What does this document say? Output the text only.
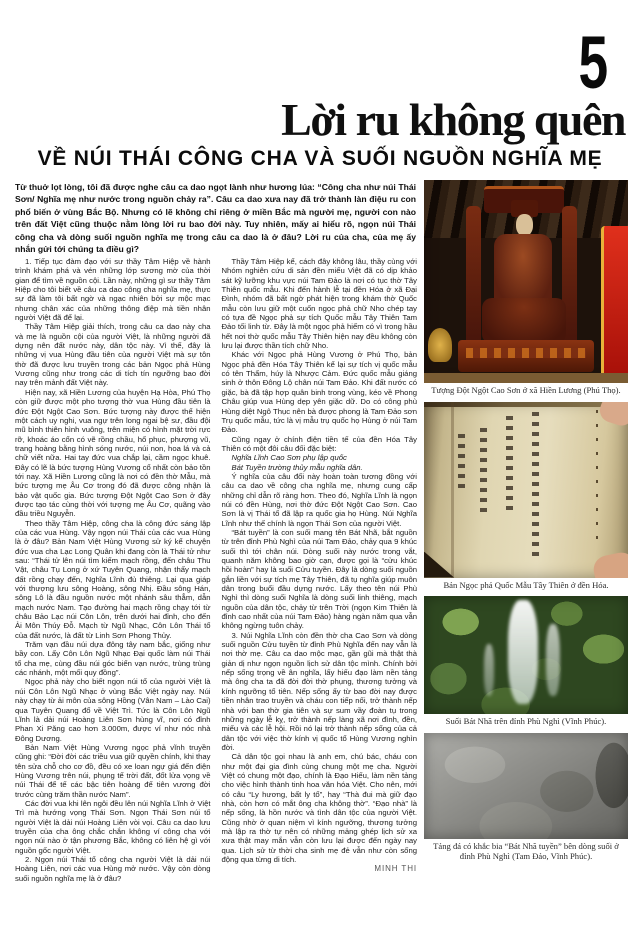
5
Lời ru không quên
VỀ NÚI THÁI CÔNG CHA VÀ SUỐI NGUỒN NGHĨA MẸ

Từ thuở lọt lòng, tôi đã được nghe câu ca dao ngọt lành như hương lúa: “Công cha như núi Thái Sơn/ Nghĩa mẹ như nước trong nguồn chảy ra”. Câu ca dao xưa nay đã trở thành làn điệu ru con phổ biến ở vùng Bắc Bộ. Nhưng có lẽ không chỉ riêng ở miền Bắc mà người mẹ, người con nào trên đất Việt cũng thuộc nằm lòng lời ru bao đời này. Tuy nhiên, mấy ai hiểu rõ, ngọn núi Thái công cha và dòng suối nguồn nghĩa mẹ trong câu ca dao là ở đâu? Lời ru của cha, của mẹ ấy nhắn gửi tới chúng ta điều gì?

1. Tiếp tục đàm đạo với sư thầy Tâm Hiệp về hành trình khám phá và vén những lớp sương mờ của thời gian để tìm về nguồn cội. Lần này, những gì sư thầy Tâm Hiệp cho tôi biết về câu ca dao công cha nghĩa mẹ, thực sự đã làm tôi bất ngờ và ngạc nhiên bởi sự mộc mạc nhưng chân xác của những thông điệp mà tiền nhân người Việt đã để lại.

Thầy Tâm Hiệp giải thích, trong câu ca dao này cha và mẹ là nguồn cội của người Việt, là những người đã dựng nên đất nước này, dân tộc này. Vì thế, đây là những vị vua Hùng đầu tiên của người Việt mà sự tôn thờ đã được lưu truyền trong các bản Ngọc phả Hùng Vương cũng như trong các di tích tín ngưỡng bao đời nay trên mảnh đất Việt này.

Hiện nay, xã Hiền Lương của huyện Hạ Hòa, Phú Thọ còn giữ được một pho tượng thờ vua Hùng đầu tiên là đức Đột Ngột Cao Sơn. Bức tượng này được thể hiện một cách uy nghi, vua ngự trên long ngai bệ sư, đầu đội mũ bình thiên hình vuông, trên miện có hình mặt trời rực rỡ, khoác áo cổn có vẽ rồng chầu, hổ phục, phượng vũ, trang hoàng bằng hình sóng nước, núi non, hoa lá và cả chữ viết nữa. Hai tay đức vua chắp lại, cầm ngọc khuê. Đây có lẽ là bức tượng Hùng Vương cổ nhất còn bảo tồn tới nay. Xã Hiền Lương cũng là nơi có đền thờ Mẫu, mà bức tượng mẹ Âu Cơ trong đó đã được công nhận là bảo vật quốc gia. Bức tượng Đột Ngột Cao Sơn ở đây được tạo tác cùng thời với tượng mẹ Âu Cơ, quãng vào đầu triều Nguyễn.

Theo thầy Tâm Hiệp, công cha là công đức sáng lập của các vua Hùng. Vậy ngọn núi Thái của các vua Hùng là ở đâu? Bản Nam Việt Hùng Vương sử ký kể chuyện đức vua cha Lạc Long Quân khi đang còn là Thái tử như sau: “Thái tử lên núi tìm kiếm mạch rồng, đến châu Thu Vật, châu Tụ Long ở xứ Tuyên Quang, nhận thấy mạch đất rồng chạy đến, Nghĩa Lĩnh đủ thiêng. Lại qua giáp với thượng lưu sông Hoàng, sông Nhị. Đầu sông Hán, sông Lô là đầu nguồn nước một nhánh sâu thẳm, dẫn mạch nước Nam. Tạo đường hai mạch rồng chạy tới từ châu Bảo Lạc núi Côn Lôn, trên dưới hai đỉnh, cho đến Ải Môn Thúy Đỗ. Mạch từ Ngũ Nhạc, Côn Lôn Thái tổ của đất nước, là đất từ Linh Sơn Phong Thủy.

Trăm vạn đầu núi dựa đông tây nam bắc, giống như bầy con. Lấy Côn Lôn Ngũ Nhạc Đại quốc làm núi Thái tổ cha mẹ, cùng đầu núi góc biển vạn nước, trùng trùng các nhánh, một mối quy đồng”.

Ngọc phả này cho biết ngọn núi tổ của người Việt là núi Côn Lôn Ngũ Nhạc ở vùng Bắc Việt ngày nay. Núi này chạy từ ải môn của sông Hồng (Vân Nam – Lào Cai) qua Tuyên Quang đổ về Việt Trì. Tức là Côn Lôn Ngũ Lĩnh là dải núi Hoàng Liên Sơn hùng vĩ, nơi có đỉnh Phan Xi Păng cao hơn 3.000m, được ví như nóc nhà Đông Dương.

Bản Nam Việt Hùng Vương ngọc phả vĩnh truyền cũng ghi: “Đời đời các triều vua giữ quyền chính, khi thay tên sửa chỗ cho cơ đồ, đều có xe loan ngự giá đến điện Hùng Vương trên núi, phụng tế trời đất, đốt lửa vọng về núi Thái để tế các bậc tiên hoàng đế tiên vương đời trước cùng trăm thần nước Nam”.

Các đời vua khi lên ngôi đều lên núi Nghĩa Lĩnh ở Việt Trì mà hướng vọng Thái Sơn. Ngọn Thái Sơn núi tổ người Việt là dải núi Hoàng Liên vòi vọi. Câu ca dao lưu truyền của cha ông chắc chắn không ví công cha với ngọn núi nào ở tận phương Bắc, không có liên hệ gì với nguồn gốc người Việt.

2. Ngọn núi Thái tổ công cha người Việt là dải núi Hoàng Liên, nơi các vua Hùng mở nước. Vậy còn dòng suối nguồn nghĩa mẹ là ở đâu?

Thầy Tâm Hiệp kể, cách đây không lâu, thầy cùng với Nhóm nghiên cứu di sản đền miếu Việt đã có dịp khảo sát kỹ lưỡng khu vực núi Tam Đảo là nơi có tục thờ Tây Thiên quốc mẫu. Khi đến hành lễ tại đền Hóa ở xã Đại Đình, nhóm đã bất ngờ phát hiện trong khám thờ Quốc mẫu còn lưu giữ một cuốn ngọc phả chữ Nho chép tay có tựa đề Ngọc phả sự tích Quốc mẫu Tây Thiên Tam Đảo tối linh từ. Đây là một ngọc phả hiếm có vì trong hầu hết nơi thờ quốc mẫu Tây Thiên hiện nay đều không còn lưu lại được thần tích chữ Nho.

Khác với Ngọc phả Hùng Vương ở Phú Thọ, bản Ngọc phả đền Hóa Tây Thiên kể lại sự tích vị quốc mẫu có tên Thẩm, húy là Nhược Cảm. Đức quốc mẫu giáng sinh ở thôn Đông Lộ chân núi Tam Đảo. Khi đất nước có giặc, bà đã tập hợp quân binh trong vùng, kéo về Phong Châu giúp vua Hùng dẹp yên giặc dữ. Do có công phù Hùng diệt Ngô Thục nên bà được phong là Tam Đảo sơn Trụ quốc mẫu, tức là vị mẫu trụ quốc họ Hùng ở núi Tam Đảo.

Cũng ngay ở chính điện tiền tế của đền Hóa Tây Thiên có một đôi câu đối đặc biệt:

Nghĩa Lĩnh Cao Sơn phụ lập quốc

Bát Tuyền trường thủy mẫu nghĩa dân.

Ý nghĩa của câu đối này hoàn toàn tương đồng với câu ca dao về công cha nghĩa mẹ, nhưng cung cấp những chỉ dẫn rõ ràng hơn. Theo đó, Nghĩa Lĩnh là ngọn núi có đền Hùng, nơi thờ đức Đột Ngột Cao Sơn. Cao Sơn là vị Thái tổ đã lập ra quốc gia họ Hùng. Núi Nghĩa Lĩnh như thế chính là ngọn Thái Sơn của người Việt.

“Bát tuyền” là con suối mang tên Bát Nhã, bắt nguồn từ trên đỉnh Phù Nghì của núi Tam Đảo, chảy qua 9 khúc suối thì tới chân núi. Dòng suối này nước trong vắt, quanh năm không bao giờ cạn, được gọi là “cửu khúc hồi hoàn” hay là suối Cửu tuyền. Đây là dòng suối nguồn gắn liền với sự tích mẹ Tây Thiên, đã tụ nghĩa giúp muôn dân trong buổi đầu dựng nước. Lấy theo tên núi Phù Nghì thì dòng suối Nghĩa là dòng suối linh thiêng, mạch nguồn của dân tộc, chảy từ trên Trời (ngọn Kim Thiên là đỉnh cao nhất của núi Tam Đảo) hàng ngàn năm qua vẫn không ngừng tuôn chảy.

3. Núi Nghĩa Lĩnh còn đền thờ cha Cao Sơn và dòng suối nguồn Cửu tuyền từ đỉnh Phù Nghĩa đến nay vẫn là nơi thờ mẹ. Câu ca dao mộc mạc, gần gũi mà thật thà giản dị như ngọn nguồn lịch sử dân tộc mình. Chính bởi nếp sống trọng về ân nghĩa, lấy hiếu đạo làm nền tảng mà ông cha ta đã đời đời thờ phụng, thương tưởng và kính ngưỡng tổ tiên. Nếp sống ấy từ bao đời nay được tiền nhân trao truyền và cháu con tiếp nối, trở thành nếp nhà với ban thờ gia tiên và sự sum vầy đoàn tụ trong những ngày lễ kỵ, trở thành nếp làng xã nơi đình, đền, miếu và các lễ hội. Rồi nó lại trở thành nếp sống của cả dân tộc với việc thờ kính vị quốc tổ Hùng Vương nghìn đời.

Cả dân tộc gọi nhau là anh em, chú bác, cháu con như một đại gia đình cùng chung một mẹ cha. Người Việt có chung một đạo, chính là Đạo Hiếu, làm nền tảng cho việc hình thành tinh hoa văn hóa Việt. Cho nên, mới có câu “Ly hương, bất ly tổ”, hay “Thà đui mà giữ đạo nhà, còn hơn có mắt ông cha không thờ”. “Đạo nhà” là nếp sống, là hồn nước và tình dân tộc của người Việt. Cũng nhờ ở quan niệm vì kính ngưỡng, thương tưởng mà lập ra thờ tự nên có những mảng ghép lịch sử xa xưa thật may mắn vẫn còn lưu lại được đến ngày nay qua. Lịch sử từ thời cha sinh mẹ đẻ vẫn như còn sống động qua từng di tích.

MINH THI

Tượng Đột Ngột Cao Sơn ở xã Hiền Lương (Phú Thọ).
Bản Ngọc phả Quốc Mẫu Tây Thiên ở đền Hóa.
Suối Bát Nhã trên đỉnh Phù Nghì (Vĩnh Phúc).
Tảng đá có khắc bia “Bát Nhã tuyền” bên dòng suối ở đỉnh Phù Nghì (Tam Đảo, Vĩnh Phúc).
